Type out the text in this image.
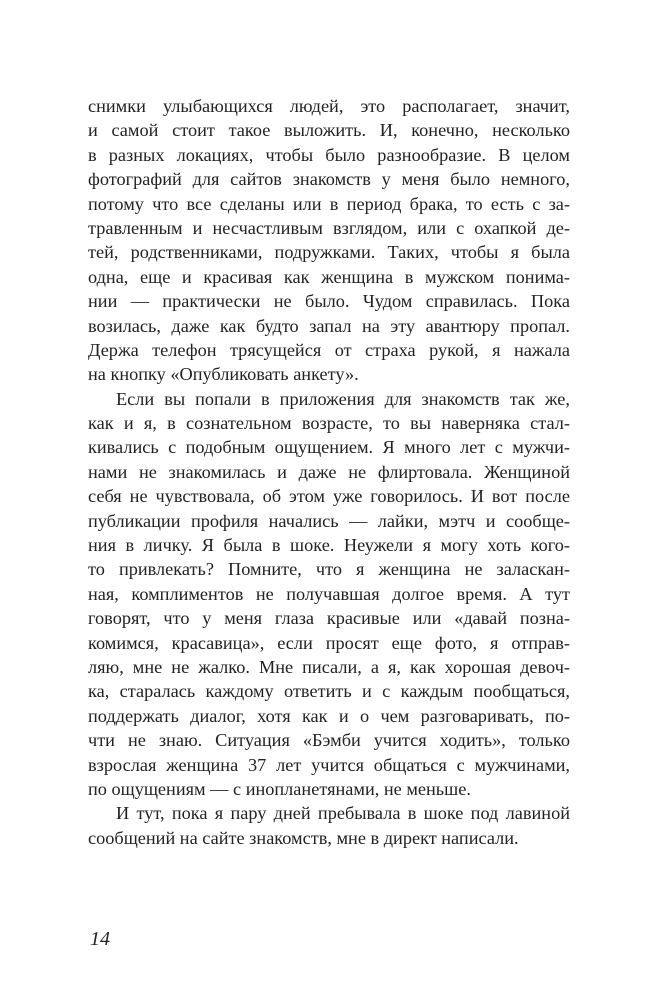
снимки улыбающихся людей, это располагает, значит,
и самой стоит такое выложить. И, конечно, несколько
в разных локациях, чтобы было разнообразие. В целом
фотографий для сайтов знакомств у меня было немного,
потому что все сделаны или в период брака, то есть с за-
травленным и несчастливым взглядом, или с охапкой де-
тей, родственниками, подружками. Таких, чтобы я была
одна, еще и красивая как женщина в мужском понима-
нии — практически не было. Чудом справилась. Пока
возилась, даже как будто запал на эту авантюру пропал.
Держа телефон трясущейся от страха рукой, я нажала
на кнопку «Опубликовать анкету».
Если вы попали в приложения для знакомств так же,
как и я, в сознательном возрасте, то вы наверняка стал-
кивались с подобным ощущением. Я много лет с мужчи-
нами не знакомилась и даже не флиртовала. Женщиной
себя не чувствовала, об этом уже говорилось. И вот после
публикации профиля начались — лайки, мэтч и сообще-
ния в личку. Я была в шоке. Неужели я могу хоть кого-
то привлекать? Помните, что я женщина не заласкан-
ная, комплиментов не получавшая долгое время. А тут
говорят, что у меня глаза красивые или «давай позна-
комимся, красавица», если просят еще фото, я отправ-
ляю, мне не жалко. Мне писали, а я, как хорошая девоч-
ка, старалась каждому ответить и с каждым пообщаться,
поддержать диалог, хотя как и о чем разговаривать, по-
чти не знаю. Ситуация «Бэмби учится ходить», только
взрослая женщина 37 лет учится общаться с мужчинами,
по ощущениям — с инопланетянами, не меньше.
И тут, пока я пару дней пребывала в шоке под лавиной
сообщений на сайте знакомств, мне в директ написали.
14
